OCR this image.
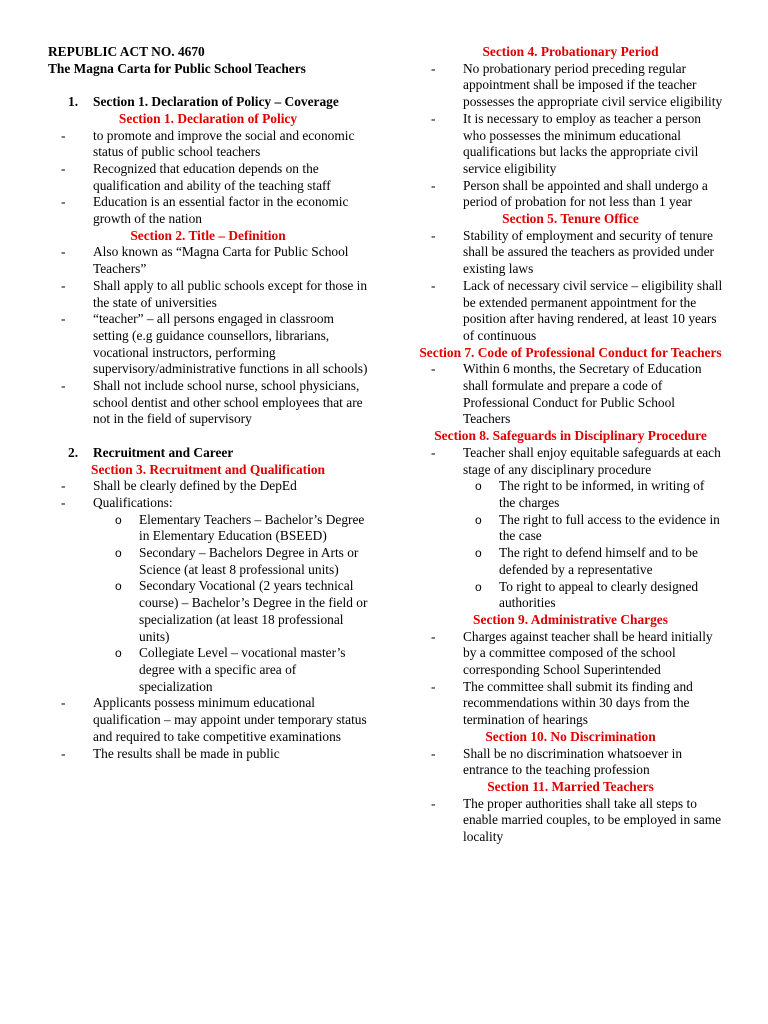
REPUBLIC ACT NO. 4670
The Magna Carta for Public School Teachers
1.	Section 1. Declaration of Policy – Coverage
Section 1. Declaration of Policy
-	to promote and improve the social and economic status of public school teachers
-	Recognized that education depends on the qualification and ability of the teaching staff
-	Education is an essential factor in the economic growth of the nation
Section 2. Title – Definition
-	Also known as “Magna Carta for Public School Teachers”
-	Shall apply to all public schools except for those in the state of universities
-	“teacher” – all persons engaged in classroom setting (e.g guidance counsellors, librarians, vocational instructors, performing supervisory/administrative functions in all schools)
-	Shall not include school nurse, school physicians, school dentist and other school employees that are not in the field of supervisory
2.	Recruitment and Career
Section 3. Recruitment and Qualification
-	Shall be clearly defined by the DepEd
-	Qualifications:
o	Elementary Teachers – Bachelor’s Degree in Elementary Education (BSEED)
o	Secondary – Bachelors Degree in Arts or Science (at least 8 professional units)
o	Secondary Vocational (2 years technical course) – Bachelor’s Degree in the field or specialization (at least 18 professional units)
o	Collegiate Level – vocational master’s degree with a specific area of specialization
-	Applicants possess minimum educational qualification – may appoint under temporary status and required to take competitive examinations
-	The results shall be made in public
Section 4. Probationary Period
-	No probationary period preceding regular appointment shall be imposed if the teacher possesses the appropriate civil service eligibility
-	It is necessary to employ as teacher a person who possesses the minimum educational qualifications but lacks the appropriate civil service eligibility
-	Person shall be appointed and shall undergo a period of probation for not less than 1 year
Section 5. Tenure Office
-	Stability of employment and security of tenure shall be assured the teachers as provided under existing laws
-	Lack of necessary civil service – eligibility shall be extended permanent appointment for the position after having rendered, at least 10 years of continuous
Section 7. Code of Professional Conduct for Teachers
-	Within 6 months, the Secretary of Education shall formulate and prepare a code of Professional Conduct for Public School Teachers
Section 8. Safeguards in Disciplinary Procedure
-	Teacher shall enjoy equitable safeguards at each stage of any disciplinary procedure
o	The right to be informed, in writing of the charges
o	The right to full access to the evidence in the case
o	The right to defend himself and to be defended by a representative
o	To right to appeal to clearly designed authorities
Section 9. Administrative Charges
-	Charges against teacher shall be heard initially by a committee composed of the school corresponding School Superintended
-	The committee shall submit its finding and recommendations within 30 days from the termination of hearings
Section 10. No Discrimination
-	Shall be no discrimination whatsoever in entrance to the teaching profession
Section 11. Married Teachers
-	The proper authorities shall take all steps to enable married couples, to be employed in same locality
